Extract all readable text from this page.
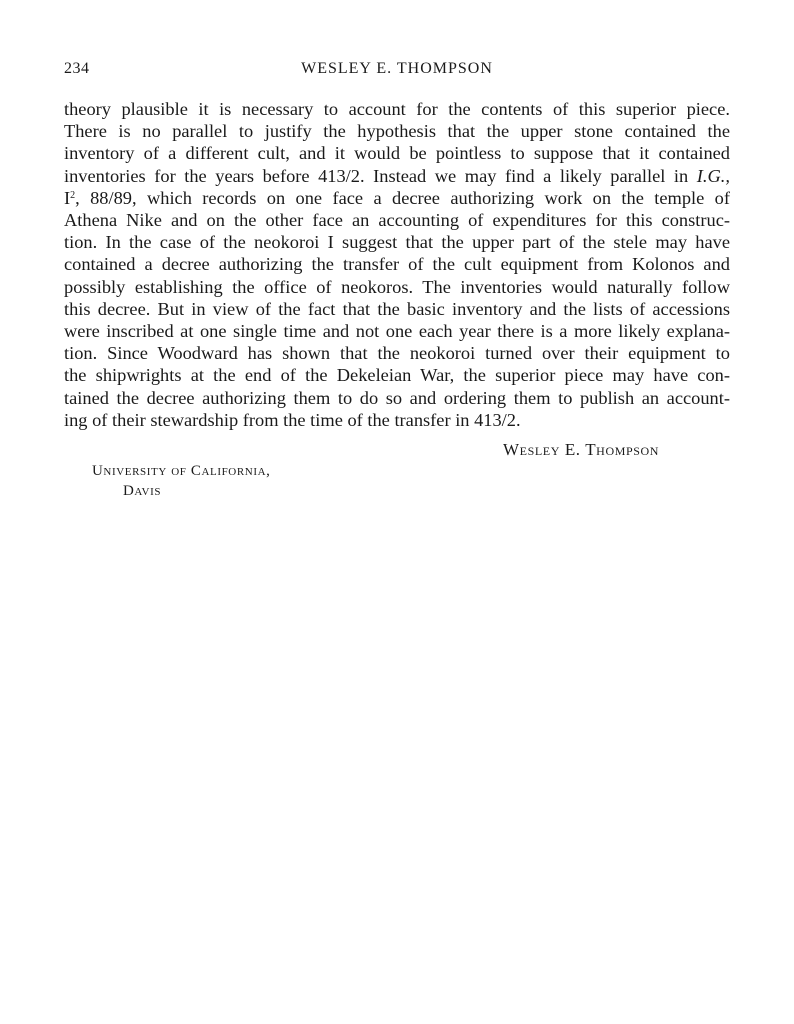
234	WESLEY E. THOMPSON
theory plausible it is necessary to account for the contents of this superior piece.
There is no parallel to justify the hypothesis that the upper stone contained the
inventory of a different cult, and it would be pointless to suppose that it contained
inventories for the years before 413/2. Instead we may find a likely parallel in I.G.,
$I^2$, 88/89, which records on one face a decree authorizing work on the temple of
Athena Nike and on the other face an accounting of expenditures for this construc-
tion. In the case of the neokoroi I suggest that the upper part of the stele may have
contained a decree authorizing the transfer of the cult equipment from Kolonos and
possibly establishing the office of neokoros. The inventories would naturally follow
this decree. But in view of the fact that the basic inventory and the lists of accessions
were inscribed at one single time and not one each year there is a more likely explana-
tion. Since Woodward has shown that the neokoroi turned over their equipment to
the shipwrights at the end of the Dekeleian War, the superior piece may have con-
tained the decree authorizing them to do so and ordering them to publish an account-
ing of their stewardship from the time of the transfer in 413/2.
Wesley E. Thompson
University of California,
Davis
